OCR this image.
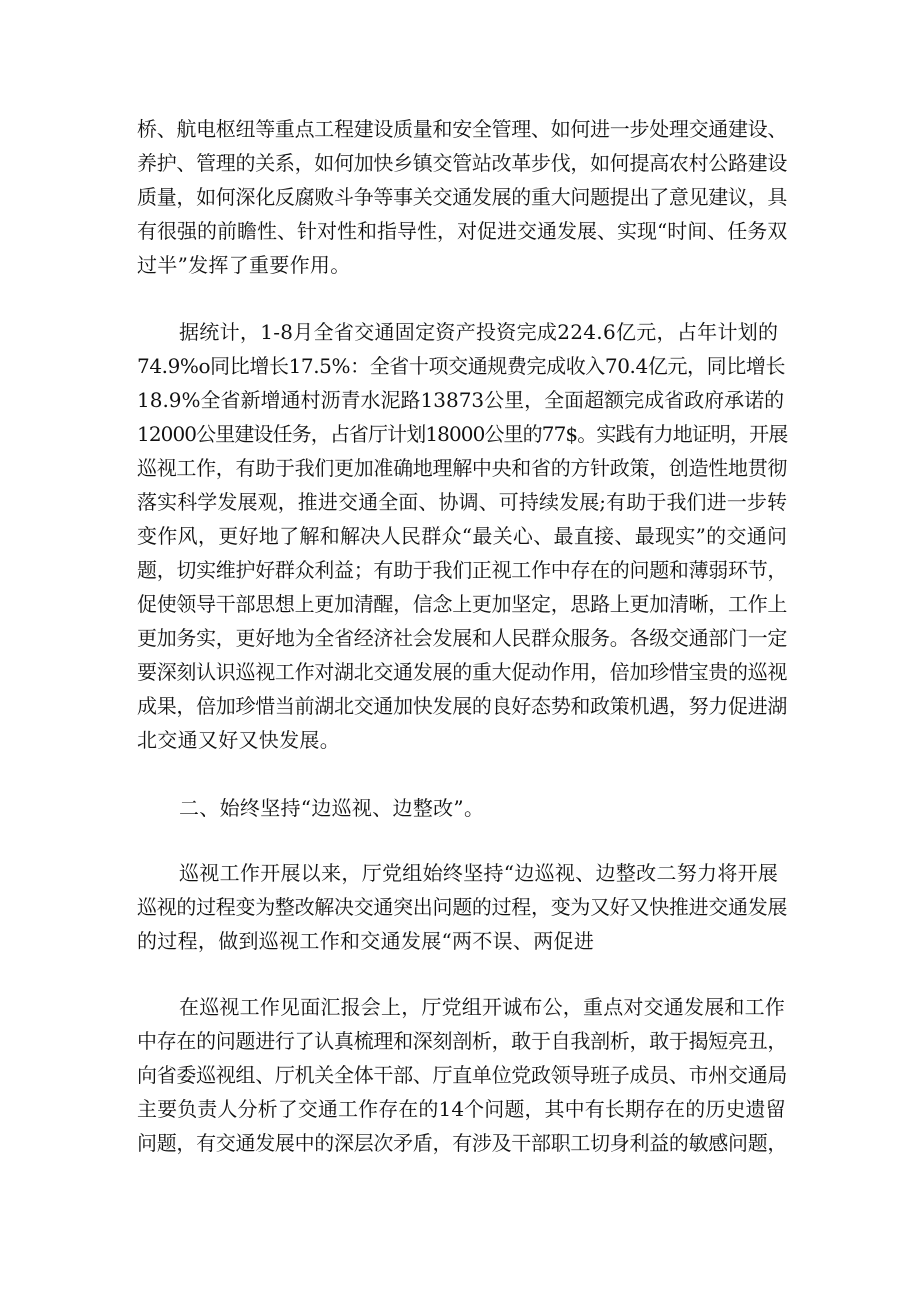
桥、航电枢纽等重点工程建设质量和安全管理、如何进一步处理交通建设、
养护、管理的关系，如何加快乡镇交管站改革步伐，如何提高农村公路建设
质量，如何深化反腐败斗争等事关交通发展的重大问题提出了意见建议，具
有很强的前瞻性、针对性和指导性，对促进交通发展、实现“时间、任务双
过半”发挥了重要作用。
据统计，1-8月全省交通固定资产投资完成224.6亿元，占年计划的
74.9%o同比增长17.5%：全省十项交通规费完成收入70.4亿元，同比增长
18.9%全省新增通村沥青水泥路13873公里，全面超额完成省政府承诺的
12000公里建设任务，占省厅计划18000公里的77$。实践有力地证明，开展
巡视工作，有助于我们更加准确地理解中央和省的方针政策，创造性地贯彻
落实科学发展观，推进交通全面、协调、可持续发展;有助于我们进一步转
变作风，更好地了解和解决人民群众“最关心、最直接、最现实”的交通问
题，切实维护好群众利益；有助于我们正视工作中存在的问题和薄弱环节，
促使领导干部思想上更加清醒，信念上更加坚定，思路上更加清晰，工作上
更加务实，更好地为全省经济社会发展和人民群众服务。各级交通部门一定
要深刻认识巡视工作对湖北交通发展的重大促动作用，倍加珍惜宝贵的巡视
成果，倍加珍惜当前湖北交通加快发展的良好态势和政策机遇，努力促进湖
北交通又好又快发展。
二、始终坚持“边巡视、边整改”。
巡视工作开展以来，厅党组始终坚持“边巡视、边整改二努力将开展
巡视的过程变为整改解决交通突出问题的过程，变为又好又快推进交通发展
的过程，做到巡视工作和交通发展“两不误、两促进
在巡视工作见面汇报会上，厅党组开诚布公，重点对交通发展和工作
中存在的问题进行了认真梳理和深刻剖析，敢于自我剖析，敢于揭短亮丑，
向省委巡视组、厅机关全体干部、厅直单位党政领导班子成员、市州交通局
主要负责人分析了交通工作存在的14个问题，其中有长期存在的历史遗留
问题，有交通发展中的深层次矛盾，有涉及干部职工切身利益的敏感问题，
